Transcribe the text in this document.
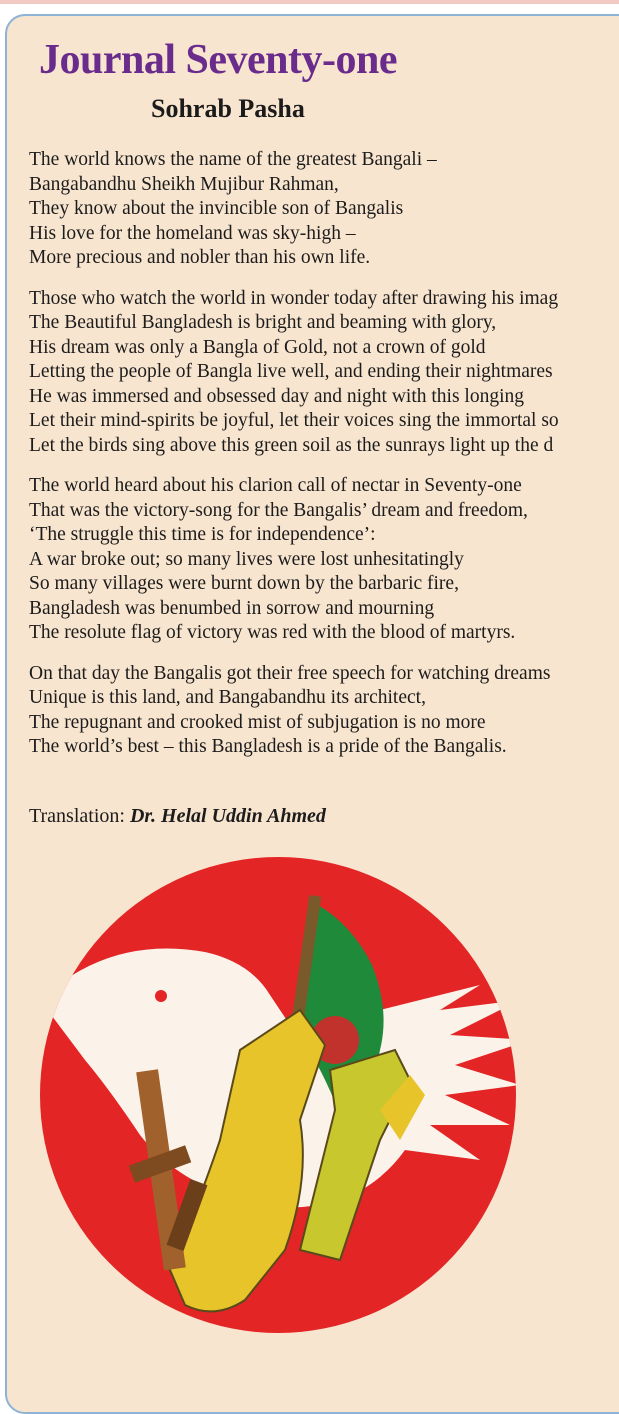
Journal Seventy-one
Sohrab Pasha

The world knows the name of the greatest Bangali –
Bangabandhu Sheikh Mujibur Rahman,
They know about the invincible son of Bangalis
His love for the homeland was sky-high –
More precious and nobler than his own life.

Those who watch the world in wonder today after drawing his imag
The Beautiful Bangladesh is bright and beaming with glory,
His dream was only a Bangla of Gold, not a crown of gold
Letting the people of Bangla live well, and ending their nightmares
He was immersed and obsessed day and night with this longing
Let their mind-spirits be joyful, let their voices sing the immortal so
Let the birds sing above this green soil as the sunrays light up the d

The world heard about his clarion call of nectar in Seventy-one
That was the victory-song for the Bangalis’ dream and freedom,
‘The struggle this time is for independence’:
A war broke out; so many lives were lost unhesitatingly
So many villages were burnt down by the barbaric fire,
Bangladesh was benumbed in sorrow and mourning
The resolute flag of victory was red with the blood of martyrs.

On that day the Bangalis got their free speech for watching dreams
Unique is this land, and Bangabandhu its architect,
The repugnant and crooked mist of subjugation is no more
The world’s best – this Bangladesh is a pride of the Bangalis.

Translation: Dr. Helal Uddin Ahmed
